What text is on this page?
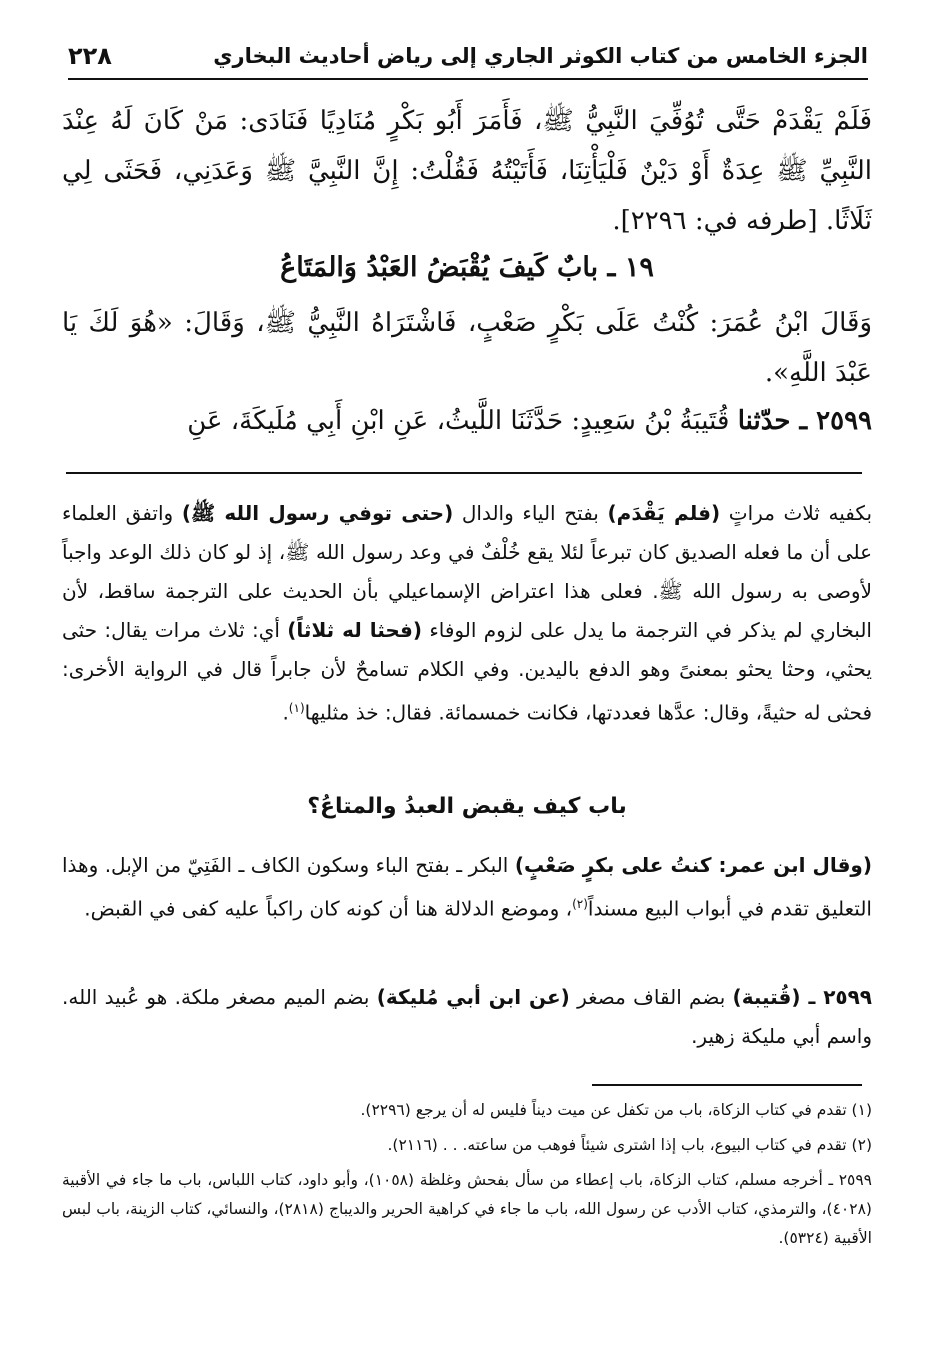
٢٢٨	الجزء الخامس من كتاب الكوثر الجاري إلى رياض أحاديث البخاري

فَلَمْ يَقْدَمْ حَتَّى تُوُفِّيَ النَّبِيُّ ﷺ، فَأَمَرَ أَبُو بَكْرٍ مُنَادِيًا فَنَادَى: مَنْ كَانَ لَهُ عِنْدَ النَّبِيِّ ﷺ عِدَةٌ أَوْ دَيْنٌ فَلْيَأْتِنَا، فَأَتَيْتُهُ فَقُلْتُ: إِنَّ النَّبِيَّ ﷺ وَعَدَنِي، فَحَثَى لِي ثَلَاثًا. [طرفه في: ٢٢٩٦].

١٩ ـ بابٌ كَيفَ يُقْبَضُ العَبْدُ وَالمَتَاعُ

وَقَالَ ابْنُ عُمَرَ: كُنْتُ عَلَى بَكْرٍ صَعْبٍ، فَاشْتَرَاهُ النَّبِيُّ ﷺ، وَقَالَ: «هُوَ لَكَ يَا عَبْدَ اللَّهِ».

٢٥٩٩ ـ حدّثنا قُتَيبَةُ بْنُ سَعِيدٍ: حَدَّثَنَا اللَّيثُ، عَنِ ابْنِ أَبِي مُلَيكَةَ، عَنِ

بكفيه ثلاث مراتٍ (فلم يَقْدَم) بفتح الياء والدال (حتى توفي رسول الله ﷺ) واتفق العلماء على أن ما فعله الصديق كان تبرعاً لئلا يقع خُلْفٌ في وعد رسول الله ﷺ، إذ لو كان ذلك الوعد واجباً لأوصى به رسول الله ﷺ. فعلى هذا اعتراض الإسماعيلي بأن الحديث على الترجمة ساقط، لأن البخاري لم يذكر في الترجمة ما يدل على لزوم الوفاء (فحثا له ثلاثاً) أي: ثلاث مرات يقال: حثى يحثي، وحثا يحثو بمعنىً وهو الدفع باليدين. وفي الكلام تسامحٌ لأن جابراً قال في الرواية الأخرى: فحثى له حثيةً، وقال: عدَّها فعددتها، فكانت خمسمائة. فقال: خذ مثليها$^{(١)}$.

باب كيف يقبض العبدُ والمتاعُ؟

(وقال ابن عمر: كنتُ على بكرٍ صَعْبٍ) البكر ـ بفتح الباء وسكون الكاف ـ الفَتِيّ من الإبل. وهذا التعليق تقدم في أبواب البيع مسنداً$^{(٢)}$، وموضع الدلالة هنا أن كونه كان راكباً عليه كفى في القبض.

٢٥٩٩ ـ (قُتيبة) بضم القاف مصغر (عن ابن أبي مُليكة) بضم الميم مصغر ملكة. هو عُبيد الله. واسم أبي مليكة زهير.

(١) تقدم في كتاب الزكاة، باب من تكفل عن ميت ديناً فليس له أن يرجع (٢٢٩٦).

(٢) تقدم في كتاب البيوع، باب إذا اشترى شيئاً فوهب من ساعته. . . (٢١١٦).

٢٥٩٩ ـ أخرجه مسلم، كتاب الزكاة، باب إعطاء من سأل بفحش وغلظة (١٠٥٨)، وأبو داود، كتاب اللباس، باب ما جاء في الأقبية (٤٠٢٨)، والترمذي، كتاب الأدب عن رسول الله، باب ما جاء في كراهية الحرير والديباج (٢٨١٨)، والنسائي، كتاب الزينة، باب لبس الأقبية (٥٣٢٤).
